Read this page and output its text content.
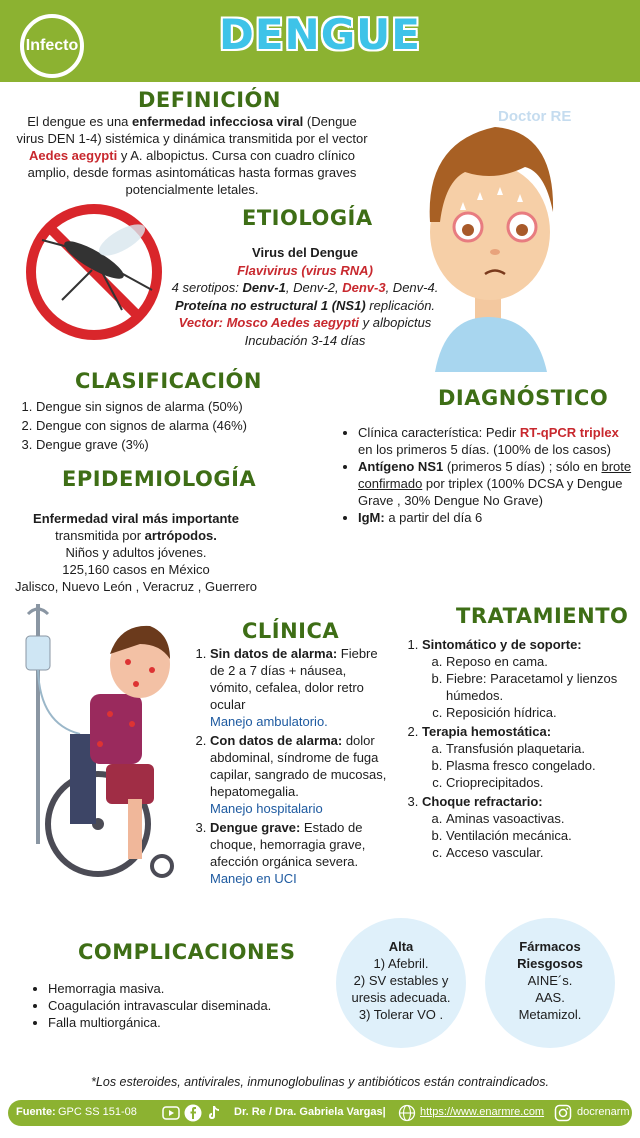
Infecto	DENGUE
DEFINICIÓN
El dengue es una enfermedad infecciosa viral (Dengue virus DEN 1-4) sistémica y dinámica transmitida por el vector Aedes aegypti y A. albopictus. Cursa con cuadro clínico amplio, desde formas asintomáticas hasta formas graves potencialmente letales.
Doctor RE
ETIOLOGÍA
Virus del Dengue
Flavivirus (virus RNA)
4 serotipos: Denv-1, Denv-2, Denv-3, Denv-4.
Proteína no estructural 1 (NS1) replicación.
Vector: Mosco Aedes aegypti y albopictus
Incubación 3-14 días
CLASIFICACIÓN
1. Dengue sin signos de alarma (50%)
2. Dengue con signos de alarma (46%)
3. Dengue grave (3%)
DIAGNÓSTICO
• Clínica característica: Pedir RT-qPCR triplex en los primeros 5 días. (100% de los casos)
• Antígeno NS1 (primeros 5 días) ; sólo en brote confirmado por triplex (100% DCSA y Dengue Grave , 30% Dengue No Grave)
• IgM: a partir del día 6
EPIDEMIOLOGÍA
Enfermedad viral más importante
transmitida por artrópodos.
Niños y adultos jóvenes.
125,160 casos en México
Jalisco, Nuevo León , Veracruz , Guerrero
CLÍNICA
1. Sin datos de alarma: Fiebre de 2 a 7 días + náusea, vómito, cefalea, dolor retro ocular
Manejo ambulatorio.
2. Con datos de alarma: dolor abdominal, síndrome de fuga capilar, sangrado de mucosas, hepatomegalia.
Manejo hospitalario
3. Dengue grave: Estado de choque, hemorragia grave, afección orgánica severa.
Manejo en UCI
TRATAMIENTO
1. Sintomático y de soporte:
a. Reposo en cama.
b. Fiebre: Paracetamol y lienzos húmedos.
c. Reposición hídrica.
2. Terapia hemostática:
a. Transfusión plaquetaria.
b. Plasma fresco congelado.
c. Crioprecipitados.
3. Choque refractario:
a. Aminas vasoactivas.
b. Ventilación mecánica.
c. Acceso vascular.
COMPLICACIONES
• Hemorragia masiva.
• Coagulación intravascular diseminada.
• Falla multiorgánica.
Alta
1) Afebril.
2) SV estables y uresis adecuada.
3) Tolerar VO .
Fármacos Riesgosos
AINE´s.
AAS.
Metamizol.
*Los esteroides, antivirales, inmunoglobulinas y antibióticos están contraindicados.
Fuente: GPC SS 151-08	Dr. Re / Dra. Gabriela Vargas|	https://www.enarmre.com	docrenarm
